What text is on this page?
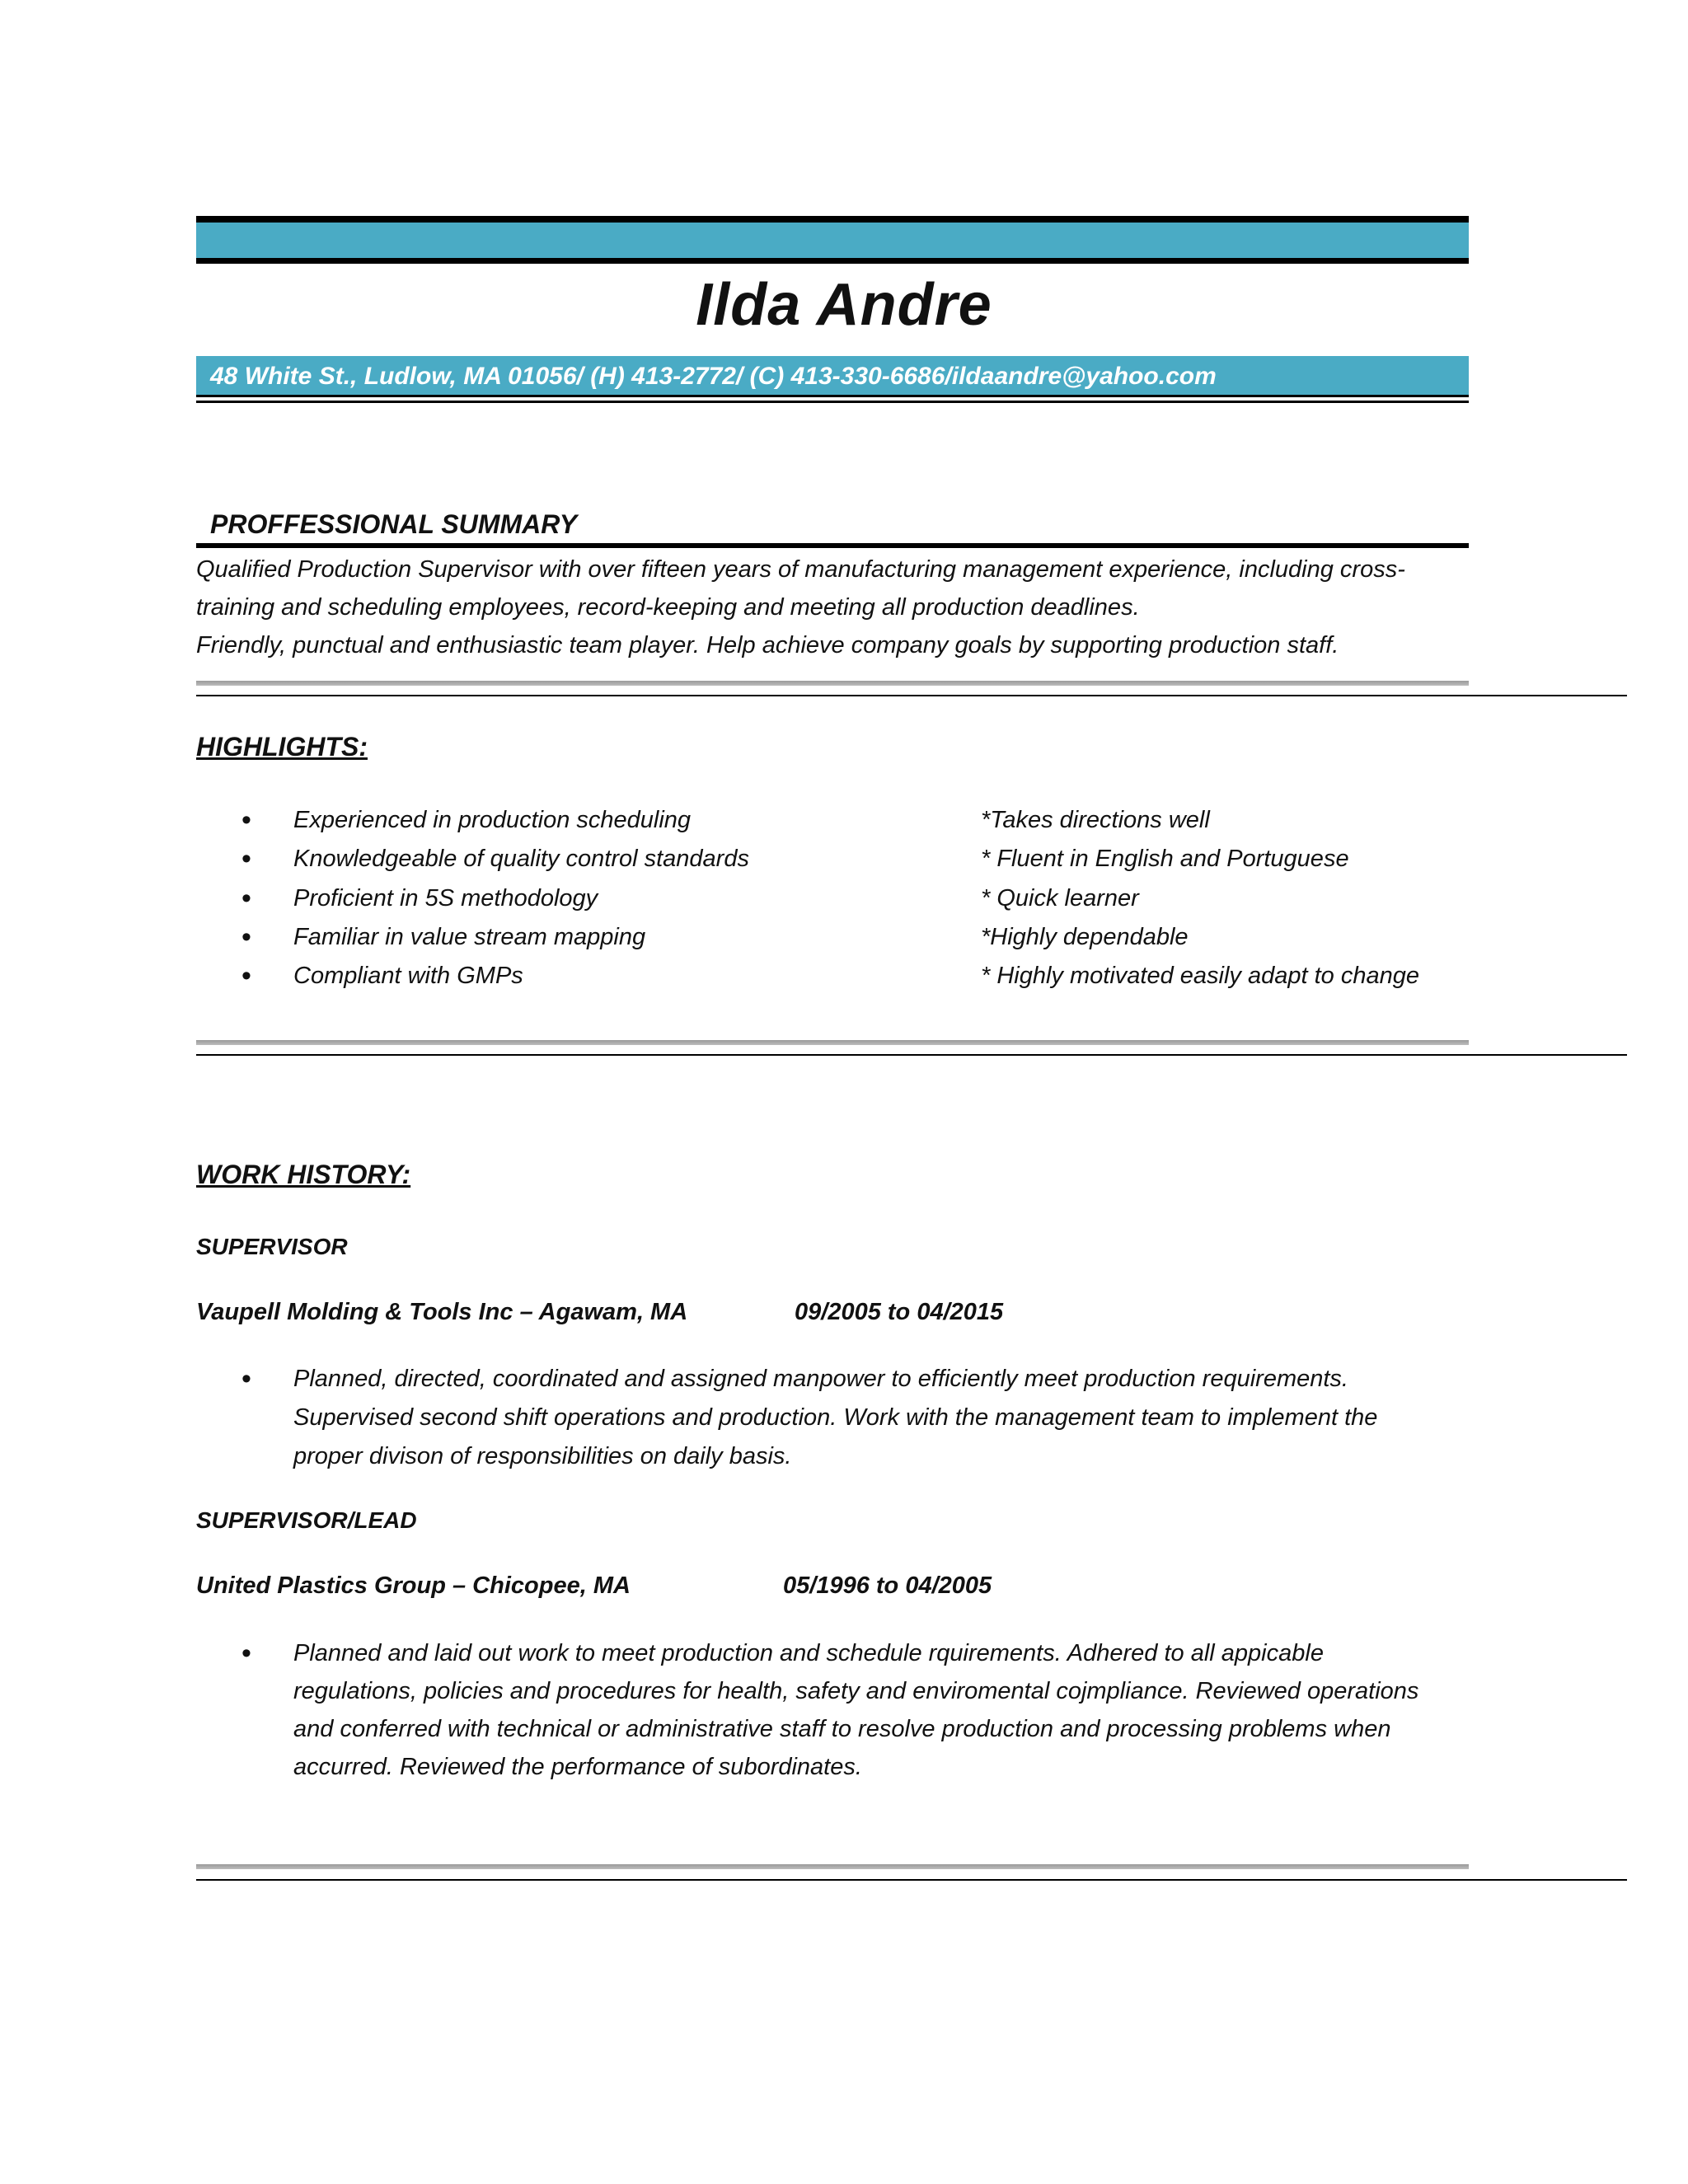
Ilda Andre
48 White St., Ludlow, MA 01056/ (H) 413-2772/ (C) 413-330-6686/ildaandre@yahoo.com
PROFFESSIONAL SUMMARY
Qualified Production Supervisor with over fifteen years of manufacturing management experience, including cross-
training and scheduling employees, record-keeping and meeting all production deadlines.
Friendly, punctual and enthusiastic team player. Help achieve company goals by supporting production staff.
HIGHLIGHTS:
• Experienced in production scheduling
• Knowledgeable of quality control standards
• Proficient in 5S methodology
• Familiar in value stream mapping
• Compliant with GMPs
*Takes directions well
* Fluent in English and Portuguese
* Quick learner
*Highly dependable
* Highly motivated easily adapt to change
WORK HISTORY:
SUPERVISOR
Vaupell Molding & Tools Inc – Agawam, MA	09/2005 to 04/2015
• Planned, directed, coordinated and assigned manpower to efficiently meet production requirements.
Supervised second shift operations and production. Work with the management team to implement the
proper divison of responsibilities on daily basis.
SUPERVISOR/LEAD
United Plastics Group – Chicopee, MA	05/1996 to 04/2005
• Planned and laid out work to meet production and schedule rquirements. Adhered to all appicable
regulations, policies and procedures for health, safety and enviromental cojmpliance. Reviewed operations
and conferred with technical or administrative staff to resolve production and processing problems when
accurred. Reviewed the performance of subordinates.
